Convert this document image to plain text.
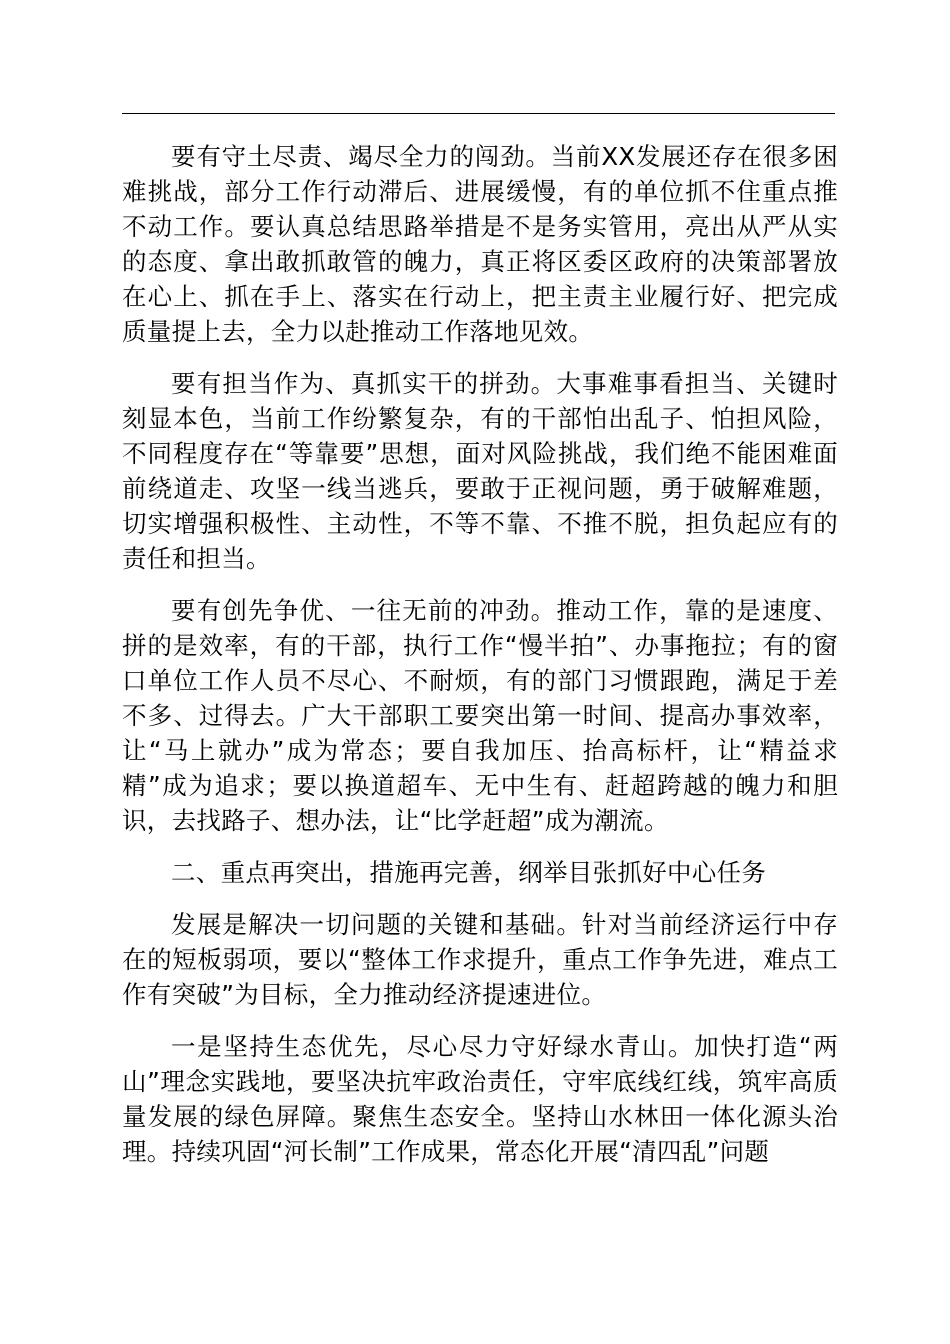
要有守土尽责、竭尽全力的闯劲。当前XX发展还存在很多困难挑战，部分工作行动滞后、进展缓慢，有的单位抓不住重点推不动工作。要认真总结思路举措是不是务实管用，亮出从严从实的态度、拿出敢抓敢管的魄力，真正将区委区政府的决策部署放在心上、抓在手上、落实在行动上，把主责主业履行好、把完成质量提上去，全力以赴推动工作落地见效。

要有担当作为、真抓实干的拼劲。大事难事看担当、关键时刻显本色，当前工作纷繁复杂，有的干部怕出乱子、怕担风险，不同程度存在“等靠要”思想，面对风险挑战，我们绝不能困难面前绕道走、攻坚一线当逃兵，要敢于正视问题，勇于破解难题，切实增强积极性、主动性，不等不靠、不推不脱，担负起应有的责任和担当。

要有创先争优、一往无前的冲劲。推动工作，靠的是速度、拼的是效率，有的干部，执行工作“慢半拍”、办事拖拉；有的窗口单位工作人员不尽心、不耐烦，有的部门习惯跟跑，满足于差不多、过得去。广大干部职工要突出第一时间、提高办事效率，让“马上就办”成为常态；要自我加压、抬高标杆，让“精益求精”成为追求；要以换道超车、无中生有、赶超跨越的魄力和胆识，去找路子、想办法，让“比学赶超”成为潮流。

二、重点再突出，措施再完善，纲举目张抓好中心任务

发展是解决一切问题的关键和基础。针对当前经济运行中存在的短板弱项，要以“整体工作求提升，重点工作争先进，难点工作有突破”为目标，全力推动经济提速进位。

一是坚持生态优先，尽心尽力守好绿水青山。加快打造“两山”理念实践地，要坚决抗牢政治责任，守牢底线红线，筑牢高质量发展的绿色屏障。聚焦生态安全。坚持山水林田一体化源头治理。持续巩固“河长制”工作成果，常态化开展“清四乱”问题
